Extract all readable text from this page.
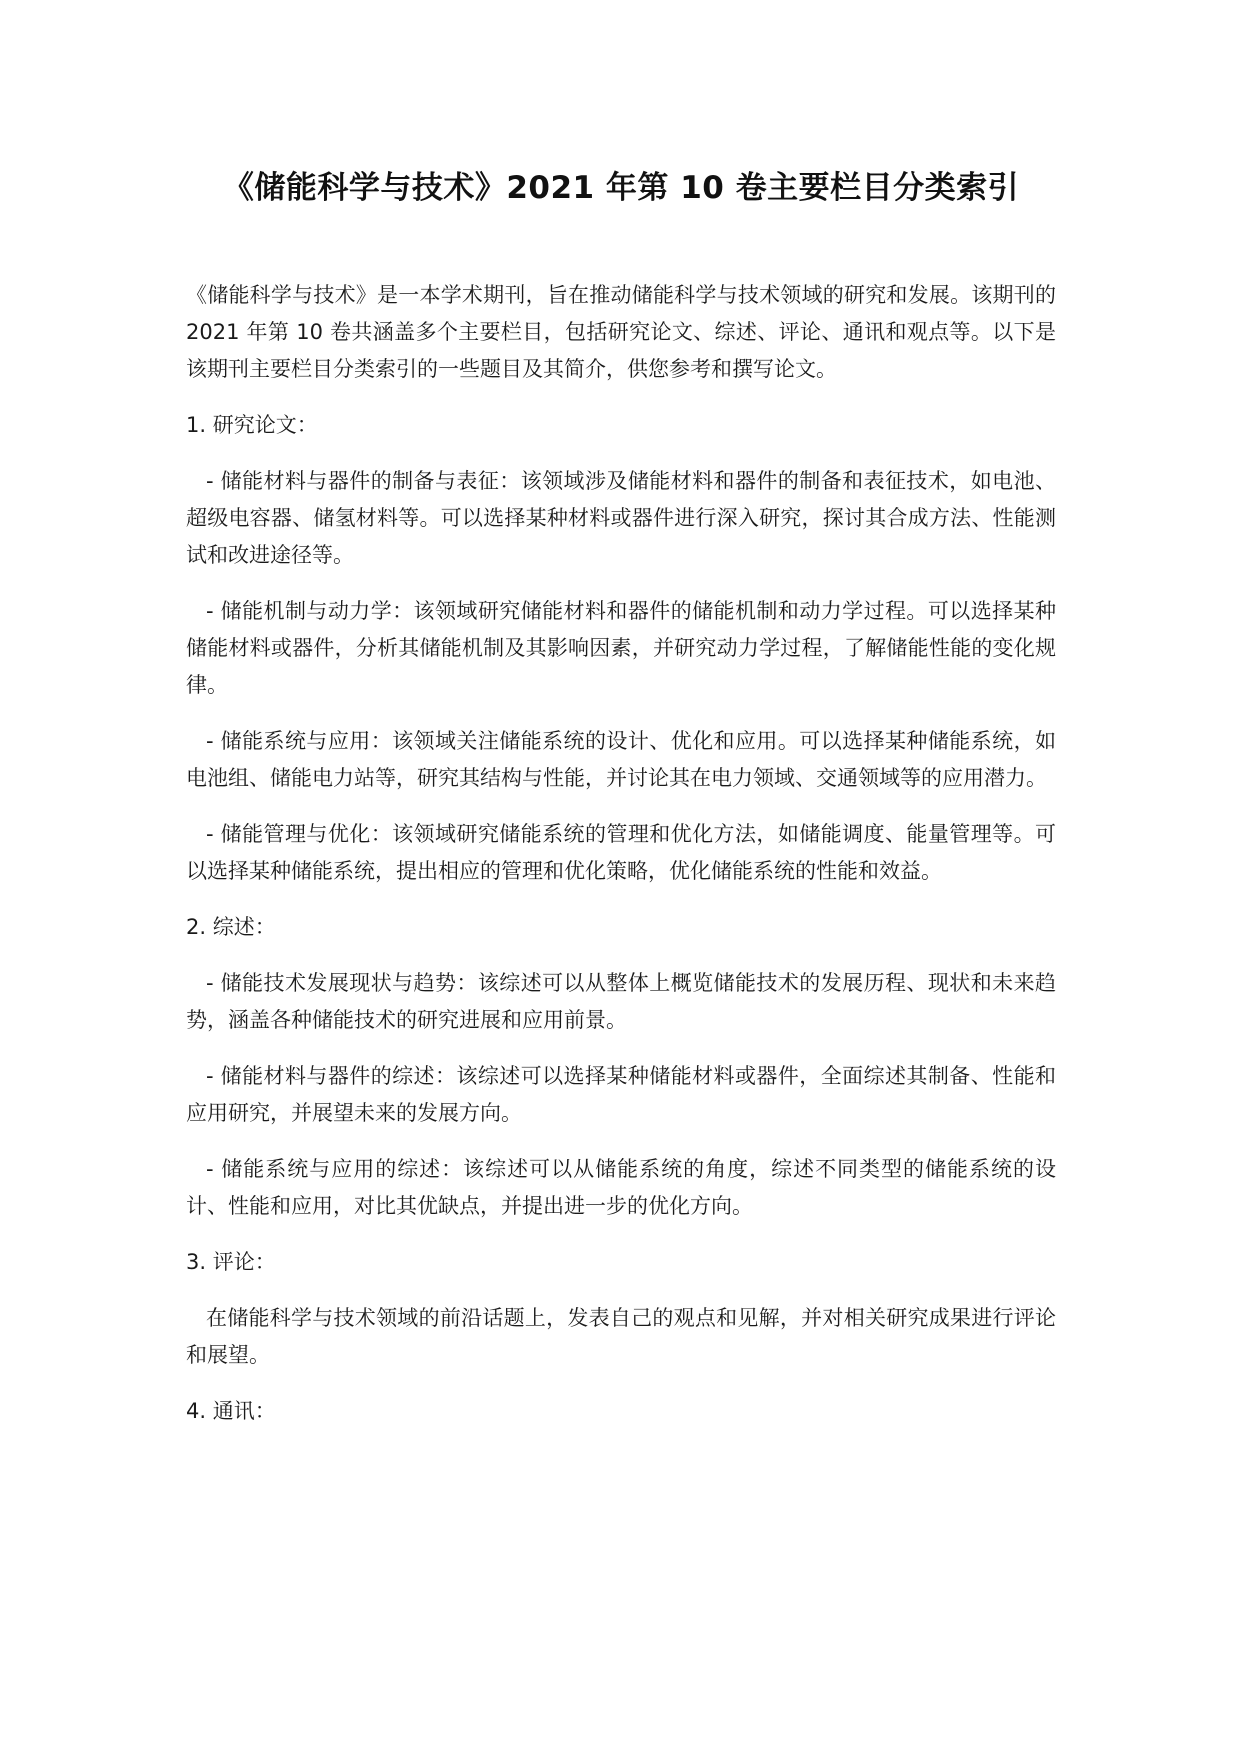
《储能科学与技术》2021 年第 10 卷主要栏目分类索引

《储能科学与技术》是一本学术期刊，旨在推动储能科学与技术领域的研究和发展。该期刊的 2021 年第 10 卷共涵盖多个主要栏目，包括研究论文、综述、评论、通讯和观点等。以下是该期刊主要栏目分类索引的一些题目及其简介，供您参考和撰写论文。

1. 研究论文：

- 储能材料与器件的制备与表征：该领域涉及储能材料和器件的制备和表征技术，如电池、超级电容器、储氢材料等。可以选择某种材料或器件进行深入研究，探讨其合成方法、性能测试和改进途径等。

- 储能机制与动力学：该领域研究储能材料和器件的储能机制和动力学过程。可以选择某种储能材料或器件，分析其储能机制及其影响因素，并研究动力学过程，了解储能性能的变化规律。

- 储能系统与应用：该领域关注储能系统的设计、优化和应用。可以选择某种储能系统，如电池组、储能电力站等，研究其结构与性能，并讨论其在电力领域、交通领域等的应用潜力。

- 储能管理与优化：该领域研究储能系统的管理和优化方法，如储能调度、能量管理等。可以选择某种储能系统，提出相应的管理和优化策略，优化储能系统的性能和效益。

2. 综述：

- 储能技术发展现状与趋势：该综述可以从整体上概览储能技术的发展历程、现状和未来趋势，涵盖各种储能技术的研究进展和应用前景。

- 储能材料与器件的综述：该综述可以选择某种储能材料或器件，全面综述其制备、性能和应用研究，并展望未来的发展方向。

- 储能系统与应用的综述：该综述可以从储能系统的角度，综述不同类型的储能系统的设计、性能和应用，对比其优缺点，并提出进一步的优化方向。

3. 评论：

在储能科学与技术领域的前沿话题上，发表自己的观点和见解，并对相关研究成果进行评论和展望。

4. 通讯：
